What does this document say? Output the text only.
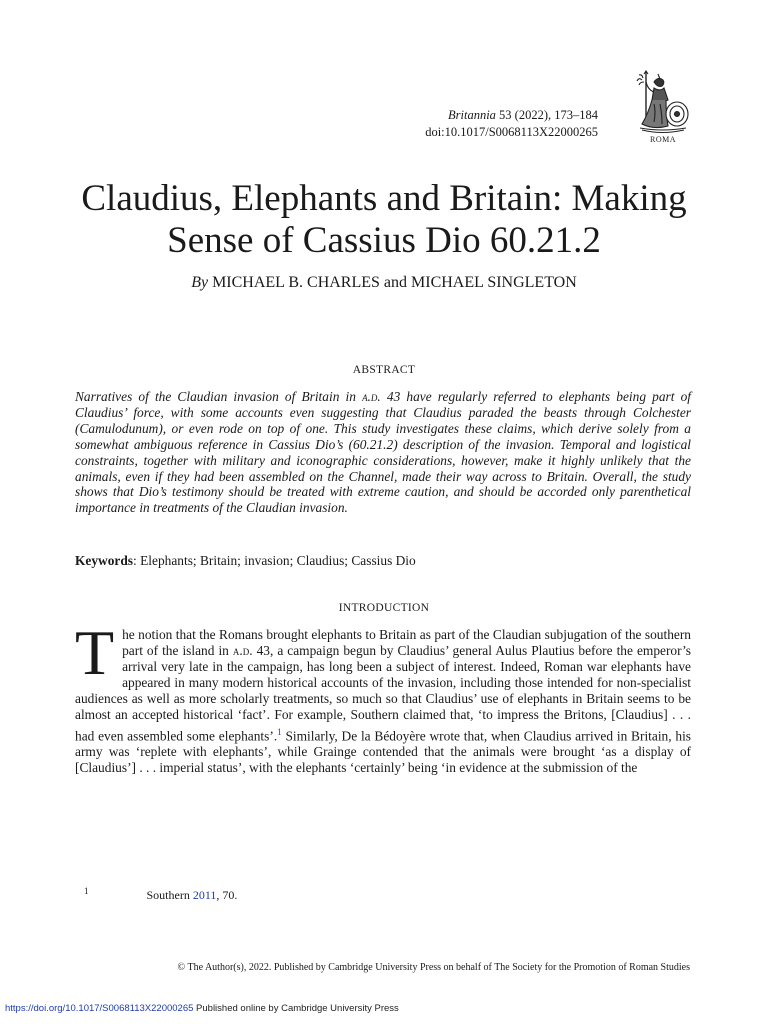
Britannia 53 (2022), 173–184
doi:10.1017/S0068113X22000265
ROMA
Claudius, Elephants and Britain: Making
Sense of Cassius Dio 60.21.2
By MICHAEL B. CHARLES and MICHAEL SINGLETON
ABSTRACT

Narratives of the Claudian invasion of Britain in a.d. 43 have regularly referred to elephants being part of Claudius’ force, with some accounts even suggesting that Claudius paraded the beasts through Colchester (Camulodunum), or even rode on top of one. This study investigates these claims, which derive solely from a somewhat ambiguous reference in Cassius Dio’s (60.21.2) description of the invasion. Temporal and logistical constraints, together with military and iconographic considerations, however, make it highly unlikely that the animals, even if they had been assembled on the Channel, made their way across to Britain. Overall, the study shows that Dio’s testimony should be treated with extreme caution, and should be accorded only parenthetical importance in treatments of the Claudian invasion.

Keywords: Elephants; Britain; invasion; Claudius; Cassius Dio
INTRODUCTION

The notion that the Romans brought elephants to Britain as part of the Claudian subjugation of the southern part of the island in a.d. 43, a campaign begun by Claudius’ general Aulus Plautius before the emperor’s arrival very late in the campaign, has long been a subject of interest. Indeed, Roman war elephants have appeared in many modern historical accounts of the invasion, including those intended for non-specialist audiences as well as more scholarly treatments, so much so that Claudius’ use of elephants in Britain seems to be almost an accepted historical ‘fact’. For example, Southern claimed that, ‘to impress the Britons, [Claudius] . . . had even assembled some elephants’.$^1$ Similarly, De la Bédoyère wrote that, when Claudius arrived in Britain, his army was ‘replete with elephants’, while Grainge contended that the animals were brought ‘as a display of [Claudius’] . . . imperial status’, with the elephants ‘certainly’ being ‘in evidence at the submission of the

$^1$	Southern 2011, 70.
© The Author(s), 2022. Published by Cambridge University Press on behalf of The Society for the Promotion of Roman Studies
https://doi.org/10.1017/S0068113X22000265 Published online by Cambridge University Press
